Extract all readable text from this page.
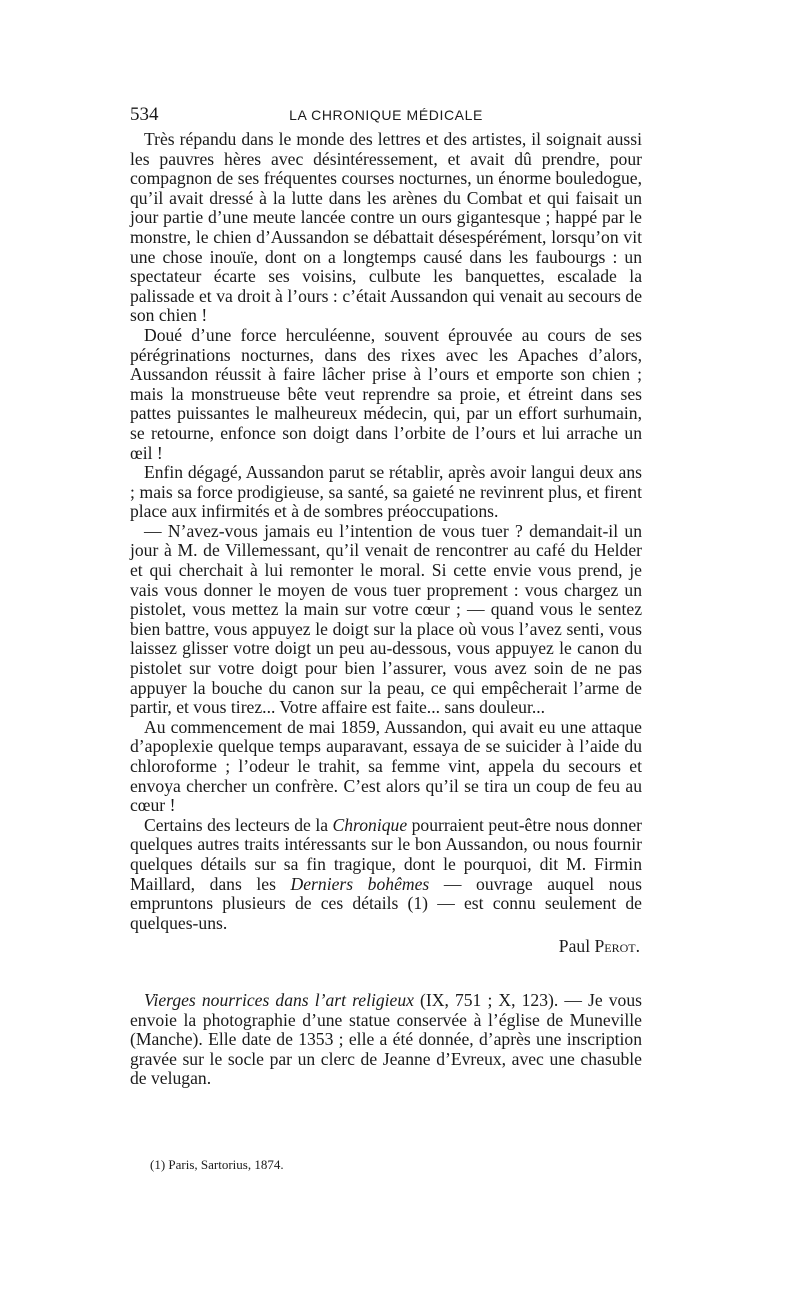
534	LA CHRONIQUE MÉDICALE

Très répandu dans le monde des lettres et des artistes, il soignait aussi les pauvres hères avec désintéressement, et avait dû prendre, pour compagnon de ses fréquentes courses nocturnes, un énorme bouledogue, qu’il avait dressé à la lutte dans les arènes du Combat et qui faisait un jour partie d’une meute lancée contre un ours gigantesque ; happé par le monstre, le chien d’Aussandon se débattait désespérément, lorsqu’on vit une chose inouïe, dont on a longtemps causé dans les faubourgs : un spectateur écarte ses voisins, culbute les banquettes, escalade la palissade et va droit à l’ours : c’était Aussandon qui venait au secours de son chien !

Doué d’une force herculéenne, souvent éprouvée au cours de ses pérégrinations nocturnes, dans des rixes avec les Apaches d’alors, Aussandon réussit à faire lâcher prise à l’ours et emporte son chien ; mais la monstrueuse bête veut reprendre sa proie, et étreint dans ses pattes puissantes le malheureux médecin, qui, par un effort surhumain, se retourne, enfonce son doigt dans l’orbite de l’ours et lui arrache un œil !

Enfin dégagé, Aussandon parut se rétablir, après avoir langui deux ans ; mais sa force prodigieuse, sa santé, sa gaieté ne revinrent plus, et firent place aux infirmités et à de sombres préoccupations.

— N’avez-vous jamais eu l’intention de vous tuer ? demandait-il un jour à M. de Villemessant, qu’il venait de rencontrer au café du Helder et qui cherchait à lui remonter le moral. Si cette envie vous prend, je vais vous donner le moyen de vous tuer proprement : vous chargez un pistolet, vous mettez la main sur votre cœur ; — quand vous le sentez bien battre, vous appuyez le doigt sur la place où vous l’avez senti, vous laissez glisser votre doigt un peu au-dessous, vous appuyez le canon du pistolet sur votre doigt pour bien l’assurer, vous avez soin de ne pas appuyer la bouche du canon sur la peau, ce qui empêcherait l’arme de partir, et vous tirez... Votre affaire est faite... sans douleur...

Au commencement de mai 1859, Aussandon, qui avait eu une attaque d’apoplexie quelque temps auparavant, essaya de se suicider à l’aide du chloroforme ; l’odeur le trahit, sa femme vint, appela du secours et envoya chercher un confrère. C’est alors qu’il se tira un coup de feu au cœur !

Certains des lecteurs de la Chronique pourraient peut-être nous donner quelques autres traits intéressants sur le bon Aussandon, ou nous fournir quelques détails sur sa fin tragique, dont le pourquoi, dit M. Firmin Maillard, dans les Derniers bohêmes — ouvrage auquel nous empruntons plusieurs de ces détails (1) — est connu seulement de quelques-uns.

Paul Perot.

Vierges nourrices dans l’art religieux (IX, 751 ; X, 123). — Je vous envoie la photographie d’une statue conservée à l’église de Muneville (Manche). Elle date de 1353 ; elle a été donnée, d’après une inscription gravée sur le socle par un clerc de Jeanne d’Evreux, avec une chasuble de velugan.

(1) Paris, Sartorius, 1874.
